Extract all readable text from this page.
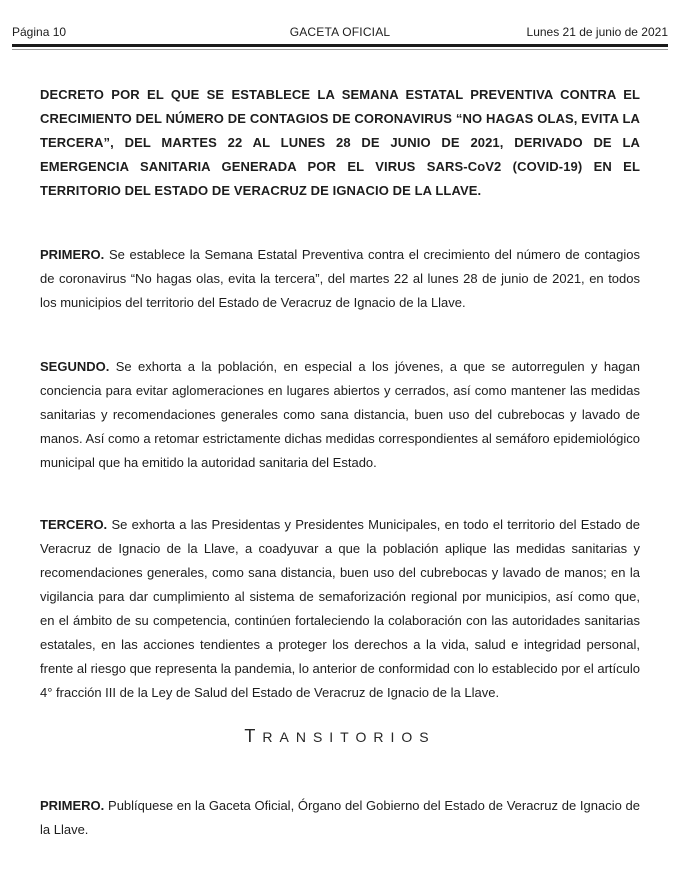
Página 10	GACETA OFICIAL	Lunes 21 de junio de 2021

DECRETO POR EL QUE SE ESTABLECE LA SEMANA ESTATAL PREVENTIVA CONTRA EL CRECIMIENTO DEL NÚMERO DE CONTAGIOS DE CORONAVIRUS “NO HAGAS OLAS, EVITA LA TERCERA”, DEL MARTES 22 AL LUNES 28 DE JUNIO DE 2021, DERIVADO DE LA EMERGENCIA SANITARIA GENERADA POR EL VIRUS SARS-CoV2 (COVID-19) EN EL TERRITORIO DEL ESTADO DE VERACRUZ DE IGNACIO DE LA LLAVE.

PRIMERO. Se establece la Semana Estatal Preventiva contra el crecimiento del número de contagios de coronavirus “No hagas olas, evita la tercera”, del martes 22 al lunes 28 de junio de 2021, en todos los municipios del territorio del Estado de Veracruz de Ignacio de la Llave.

SEGUNDO. Se exhorta a la población, en especial a los jóvenes, a que se autorregulen y hagan conciencia para evitar aglomeraciones en lugares abiertos y cerrados, así como mantener las medidas sanitarias y recomendaciones generales como sana distancia, buen uso del cubrebocas y lavado de manos. Así como a retomar estrictamente dichas medidas correspondientes al semáforo epidemiológico municipal que ha emitido la autoridad sanitaria del Estado.

TERCERO. Se exhorta a las Presidentas y Presidentes Municipales, en todo el territorio del Estado de Veracruz de Ignacio de la Llave, a coadyuvar a que la población aplique las medidas sanitarias y recomendaciones generales, como sana distancia, buen uso del cubrebocas y lavado de manos; en la vigilancia para dar cumplimiento al sistema de semaforización regional por municipios, así como que, en el ámbito de su competencia, continúen fortaleciendo la colaboración con las autoridades sanitarias estatales, en las acciones tendientes a proteger los derechos a la vida, salud e integridad personal, frente al riesgo que representa la pandemia, lo anterior de conformidad con lo establecido por el artículo 4° fracción III de la Ley de Salud del Estado de Veracruz de Ignacio de la Llave.

TRANSITORIOS

PRIMERO. Publíquese en la Gaceta Oficial, Órgano del Gobierno del Estado de Veracruz de Ignacio de la Llave.
